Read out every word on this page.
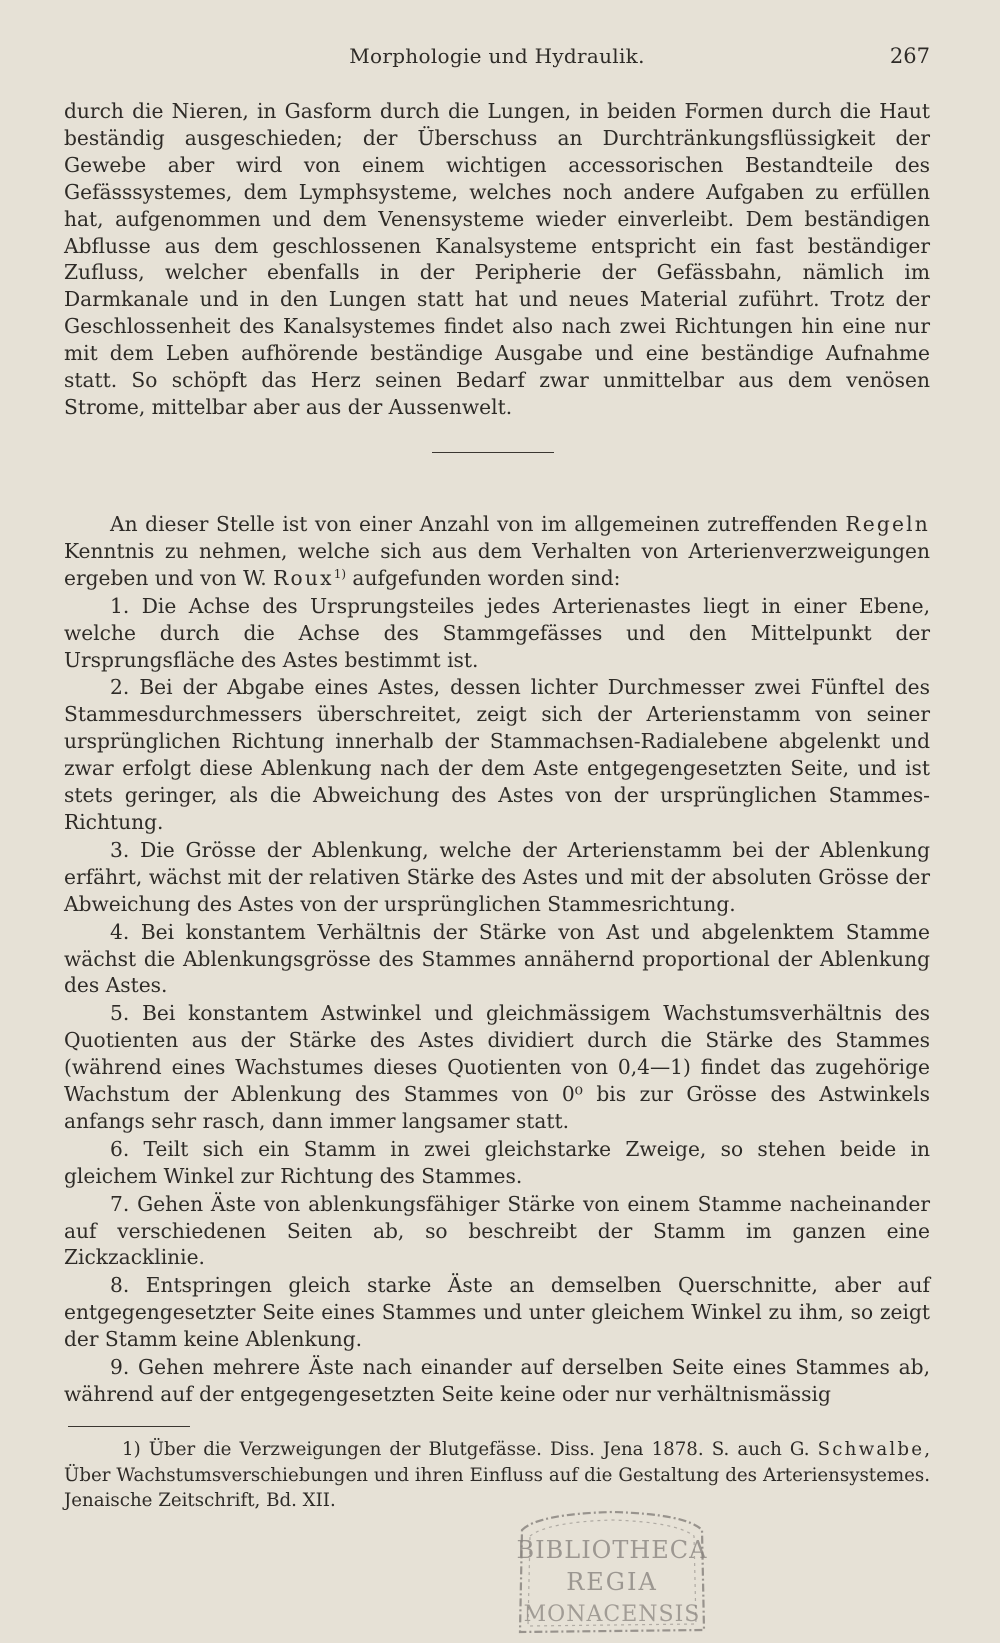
Morphologie und Hydraulik.	267

durch die Nieren, in Gasform durch die Lungen, in beiden Formen durch die Haut beständig ausgeschieden; der Überschuss an Durchtränkungsflüssigkeit der Gewebe aber wird von einem wichtigen accessorischen Bestandteile des Gefässsystemes, dem Lymphsysteme, welches noch andere Aufgaben zu erfüllen hat, aufgenommen und dem Venensysteme wieder einverleibt. Dem beständigen Abflusse aus dem geschlossenen Kanalsysteme entspricht ein fast beständiger Zufluss, welcher ebenfalls in der Peripherie der Gefässbahn, nämlich im Darmkanale und in den Lungen statt hat und neues Material zuführt. Trotz der Geschlossenheit des Kanalsystemes findet also nach zwei Richtungen hin eine nur mit dem Leben aufhörende beständige Ausgabe und eine beständige Aufnahme statt. So schöpft das Herz seinen Bedarf zwar unmittelbar aus dem venösen Strome, mittelbar aber aus der Aussenwelt.

An dieser Stelle ist von einer Anzahl von im allgemeinen zutreffenden Regeln Kenntnis zu nehmen, welche sich aus dem Verhalten von Arterienverzweigungen ergeben und von W. Roux$^{1)}$ aufgefunden worden sind:

1. Die Achse des Ursprungsteiles jedes Arterienastes liegt in einer Ebene, welche durch die Achse des Stammgefässes und den Mittelpunkt der Ursprungsfläche des Astes bestimmt ist.

2. Bei der Abgabe eines Astes, dessen lichter Durchmesser zwei Fünftel des Stammesdurchmessers überschreitet, zeigt sich der Arterienstamm von seiner ursprünglichen Richtung innerhalb der Stammachsen-Radialebene abgelenkt und zwar erfolgt diese Ablenkung nach der dem Aste entgegengesetzten Seite, und ist stets geringer, als die Abweichung des Astes von der ursprünglichen Stammes-Richtung.

3. Die Grösse der Ablenkung, welche der Arterienstamm bei der Ablenkung erfährt, wächst mit der relativen Stärke des Astes und mit der absoluten Grösse der Abweichung des Astes von der ursprünglichen Stammesrichtung.

4. Bei konstantem Verhältnis der Stärke von Ast und abgelenktem Stamme wächst die Ablenkungsgrösse des Stammes annähernd proportional der Ablenkung des Astes.

5. Bei konstantem Astwinkel und gleichmässigem Wachstumsverhältnis des Quotienten aus der Stärke des Astes dividiert durch die Stärke des Stammes (während eines Wachstumes dieses Quotienten von 0,4—1) findet das zugehörige Wachstum der Ablenkung des Stammes von 0⁰ bis zur Grösse des Astwinkels anfangs sehr rasch, dann immer langsamer statt.

6. Teilt sich ein Stamm in zwei gleichstarke Zweige, so stehen beide in gleichem Winkel zur Richtung des Stammes.

7. Gehen Äste von ablenkungsfähiger Stärke von einem Stamme nacheinander auf verschiedenen Seiten ab, so beschreibt der Stamm im ganzen eine Zickzacklinie.

8. Entspringen gleich starke Äste an demselben Querschnitte, aber auf entgegengesetzter Seite eines Stammes und unter gleichem Winkel zu ihm, so zeigt der Stamm keine Ablenkung.

9. Gehen mehrere Äste nach einander auf derselben Seite eines Stammes ab, während auf der entgegengesetzten Seite keine oder nur verhältnismässig

1) Über die Verzweigungen der Blutgefässe. Diss. Jena 1878. S. auch G. Schwalbe, Über Wachstumsverschiebungen und ihren Einfluss auf die Gestaltung des Arteriensystemes. Jenaische Zeitschrift, Bd. XII.

BIBLIOTHECA
REGIA
MONACENSIS
